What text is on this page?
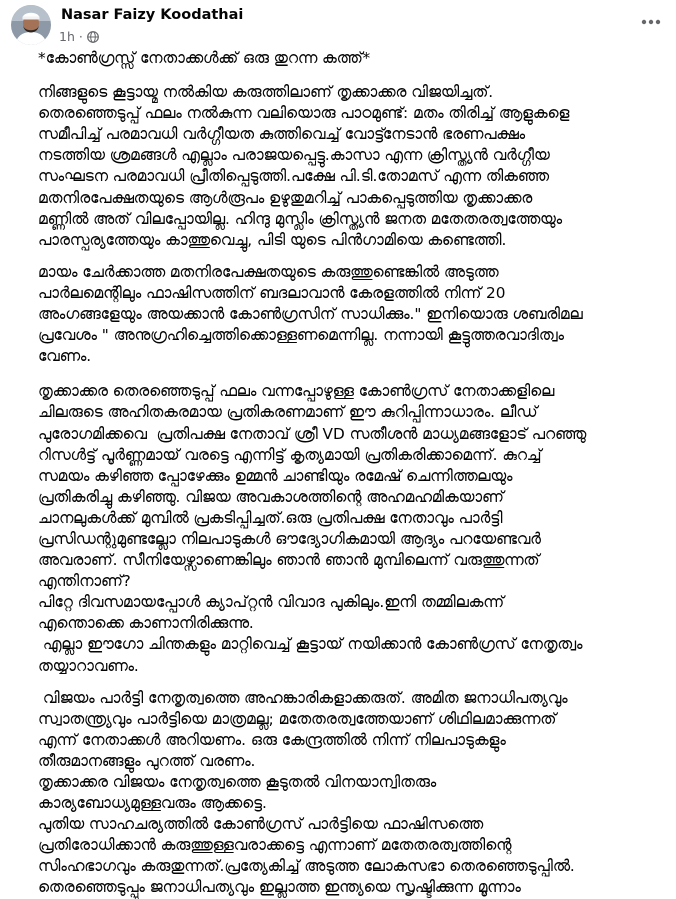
Nasar Faizy Koodathai
1h ·

*കോൺഗ്രസ്സ് നേതാക്കൾക്ക് ഒരു തുറന്ന കത്ത്*

നിങ്ങളുടെ കൂട്ടായ്മ നൽകിയ കരുത്തിലാണ് തൃക്കാക്കര വിജയിച്ചത്.

തെരഞ്ഞെടുപ്പ് ഫലം നൽകുന്ന വലിയൊരു പാഠമുണ്ട്: മതം തിരിച്ച് ആളുകളെ

സമീപിച്ച് പരമാവധി വർഗ്ഗീയത കുത്തിവെച്ച് വോട്ട്നേടാൻ ഭരണപക്ഷം

നടത്തിയ ശ്രമങ്ങൾ എല്ലാം പരാജയപ്പെട്ടു.കാസാ എന്ന ക്രിസ്ത്യൻ വർഗ്ഗീയ

സംഘടന പരമാവധി പ്രീതിപ്പെടുത്തി.പക്ഷേ പി.ടി.തോമസ് എന്ന തികഞ്ഞ

മതനിരപേക്ഷതയുടെ ആൾരൂപം ഉഴുതുമറിച്ച് പാകപ്പെടുത്തിയ തൃക്കാക്കര

മണ്ണിൽ അത് വിലപ്പോയില്ല. ഹിന്ദു മുസ്ലിം ക്രിസ്ത്യൻ ജനത മതേതരത്വത്തേയും

പാരസ്പര്യത്തേയും കാത്തുവെച്ചു, പിടി യുടെ പിൻഗാമിയെ കണ്ടെത്തി.

മായം ചേർക്കാത്ത മതനിരപേക്ഷതയുടെ കരുത്തുണ്ടെങ്കിൽ അടുത്ത

പാർലമെന്റിലും ഫാഷിസത്തിന് ബദലാവാൻ കേരളത്തിൽ നിന്ന് 20

അംഗങ്ങളേയും അയക്കാൻ കോൺഗ്രസിന് സാധിക്കും." ഇനിയൊരു ശബരിമല

പ്രവേശം " അനുഗ്രഹിച്ചെത്തിക്കൊള്ളണമെന്നില്ല. നന്നായി കൂട്ടുത്തരവാദിത്വം

വേണം.

തൃക്കാക്കര തെരഞ്ഞെടുപ്പ് ഫലം വന്നപ്പോഴുള്ള കോൺഗ്രസ് നേതാക്കളിലെ

ചിലരുടെ അഹിതകരമായ പ്രതികരണമാണ് ഈ കുറിപ്പിന്നാധാരം. ലീഡ്

പുരോഗമിക്കവെ  പ്രതിപക്ഷ നേതാവ് ശ്രീ VD സതീശൻ മാധ്യമങ്ങളോട് പറഞ്ഞു

റിസൾട്ട് പൂർണ്ണമായ് വരട്ടെ എന്നിട്ട് കൃത്യമായി പ്രതികരിക്കാമെന്ന്. കുറച്ച്

സമയം കഴിഞ്ഞ പ്പോഴേക്കും ഉമ്മൻ ചാണ്ടിയും രമേഷ് ചെന്നിത്തലയും

പ്രതികരിച്ചു കഴിഞ്ഞു. വിജയ അവകാശത്തിന്റെ അഹമഹമികയാണ്

ചാനലുകൾക്ക് മുമ്പിൽ പ്രകടിപ്പിച്ചത്.ഒരു പ്രതിപക്ഷ നേതാവും പാർട്ടി

പ്രസിഡന്റുമുണ്ടല്ലോ നിലപാടുകൾ ഔദ്യോഗികമായി ആദ്യം പറയേണ്ടവർ

അവരാണ്. സീനിയേഴ്സാണെങ്കിലും ഞാൻ ഞാൻ മുമ്പിലെന്ന് വരുത്തുന്നത്

എന്തിനാണ്?

പിറ്റേ ദിവസമായപ്പോൾ ക്യാപ്റ്റൻ വിവാദ പുകിലും.ഇനി തമ്മിലകന്ന്

എന്തൊക്കെ കാണാനിരിക്കുന്നു.

എല്ലാ ഈഗോ ചിന്തകളും മാറ്റിവെച്ച് കൂട്ടായ് നയിക്കാൻ കോൺഗ്രസ് നേതൃത്വം

തയ്യാറാവണം.

വിജയം പാർട്ടി നേതൃത്വത്തെ അഹങ്കാരികളാക്കരുത്. അമിത ജനാധിപത്യവും

സ്വാതന്ത്ര്യവും പാർട്ടിയെ മാത്രമല്ല; മതേതരത്വത്തേയാണ് ശിഥിലമാക്കുന്നത്

എന്ന് നേതാക്കൾ അറിയണം. ഒരു കേന്ദ്രത്തിൽ നിന്ന് നിലപാടുകളും

തീരുമാനങ്ങളും പുറത്ത് വരണം.

തൃക്കാക്കര വിജയം നേതൃത്വത്തെ കൂടുതൽ വിനയാന്വിതരും

കാര്യബോധ്യമുള്ളവരും ആക്കട്ടെ.

പുതിയ സാഹചര്യത്തിൽ കോൺഗ്രസ് പാർട്ടിയെ ഫാഷിസത്തെ

പ്രതിരോധിക്കാൻ കരുത്തുള്ളവരാക്കട്ടെ എന്നാണ് മതേതരത്വത്തിന്റെ

സിംഹഭാഗവും കരുതുന്നത്.പ്രത്യേകിച്ച് അടുത്ത ലോകസഭാ തെരഞ്ഞെടുപ്പിൽ.

തെരഞ്ഞെടുപ്പും ജനാധിപത്യവും ഇല്ലാത്ത ഇന്ത്യയെ സൃഷ്ടിക്കുന്ന മൂന്നാം
